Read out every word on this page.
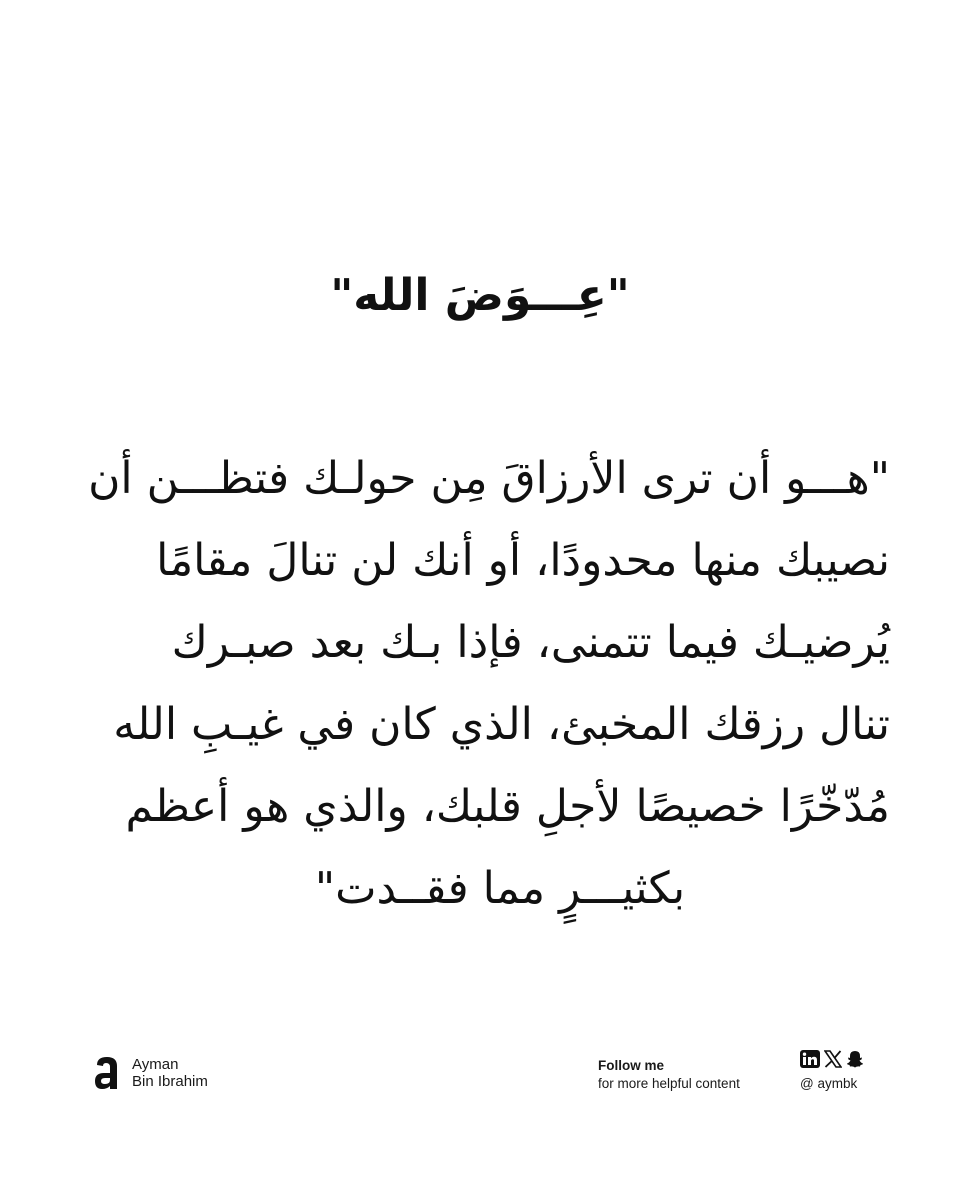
"عِـــوَضَ الله"
"هـــو أن ترى الأرزاقَ مِن حولـك فتظـــن أن
نصيبك منها محدودًا، أو أنك لن تنالَ مقامًا
يُرضيـك فيما تتمنى، فإذا بـك بعد صبـرك
تنال رزقك المخبئ، الذي كان في غيـبِ الله
مُدّخّرًا خصيصًا لأجلِ قلبك، والذي هو أعظم
بكثيـــرٍ مما فقــدت"
Ayman
Bin Ibrahim
Follow me
for more helpful content	@ aymbk
